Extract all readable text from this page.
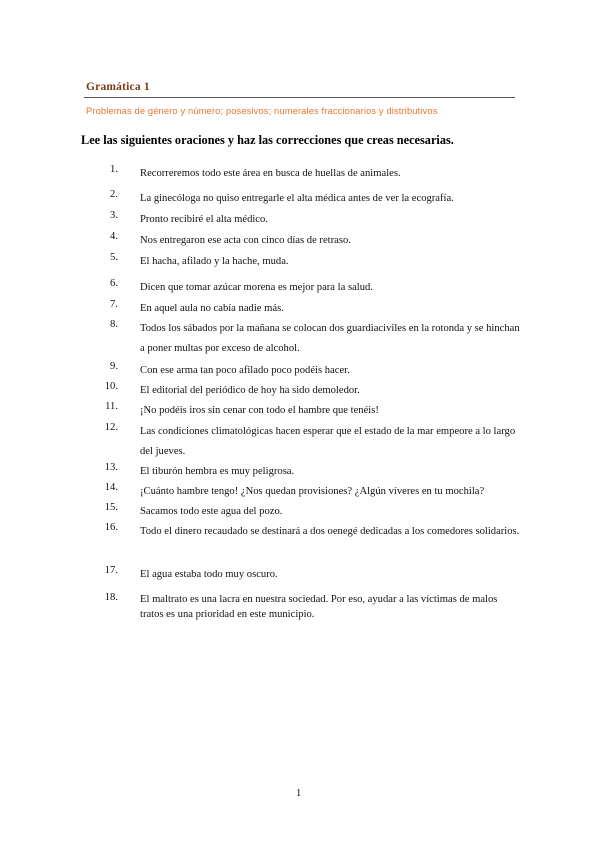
Gramática 1
Problemas de género y número; posesivos; numerales fraccionarios y distributivos
Lee las siguientes oraciones y haz las correcciones que creas necesarias.
1. Recorreremos todo este área en busca de huellas de animales.
2. La ginecóloga no quiso entregarle el alta médica antes de ver la ecografía.
3. Pronto recibiré el alta médico.
4. Nos entregaron ese acta con cinco días de retraso.
5. El hacha, afilado y la hache, muda.
6. Dicen que tomar azúcar morena es mejor para la salud.
7. En aquel aula no cabía nadie más.
8. Todos los sábados por la mañana se colocan dos guardiaciviles en la rotonda y se hinchan a poner multas por exceso de alcohol.
9. Con ese arma tan poco afilado poco podéis hacer.
10. El editorial del periódico de hoy ha sido demoledor.
11. ¡No podéis iros sin cenar con todo el hambre que tenéis!
12. Las condiciones climatológicas hacen esperar que el estado de la mar empeore a lo largo del jueves.
13. El tiburón hembra es muy peligrosa.
14. ¡Cuánto hambre tengo! ¿Nos quedan provisiones? ¿Algún víveres en tu mochila?
15. Sacamos todo este agua del pozo.
16. Todo el dinero recaudado se destinará a dos oenegé dedicadas a los comedores solidarios.
17. El agua estaba todo muy oscuro.
18. El maltrato es una lacra en nuestra sociedad. Por eso, ayudar a las víctimas de malos tratos es una prioridad en este municipio.
1
